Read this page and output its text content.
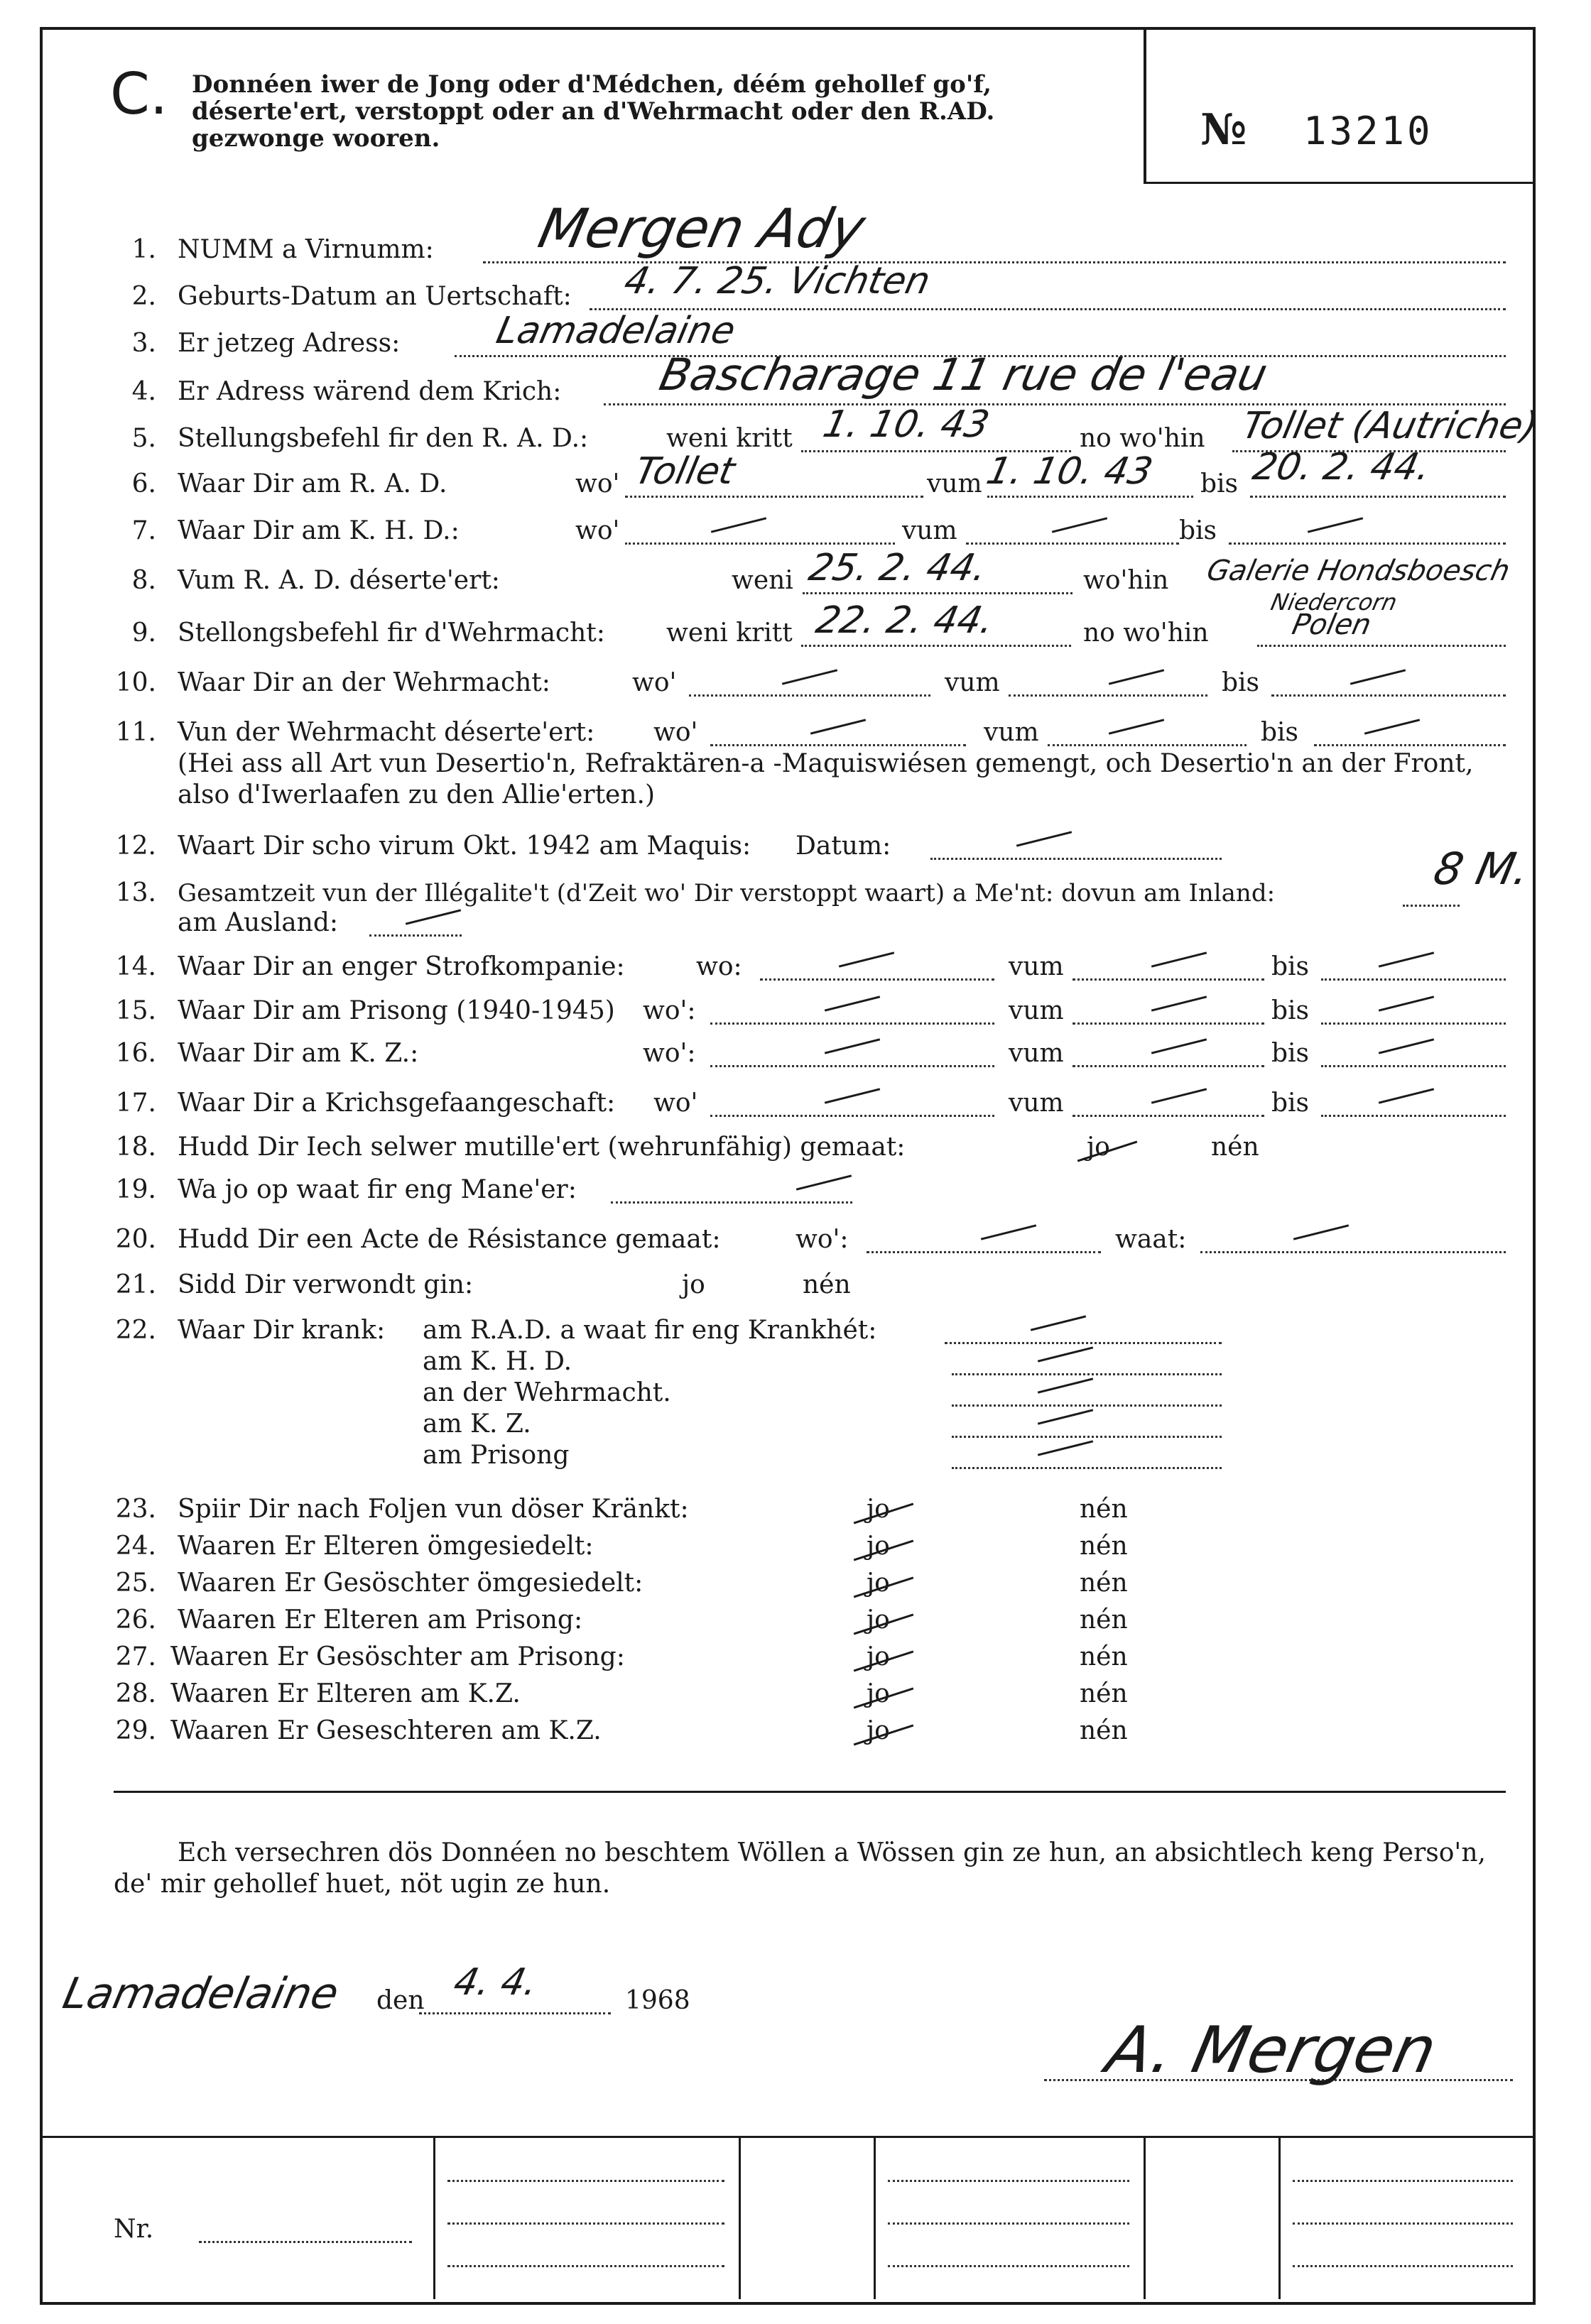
C. Donnéen iwer de Jong oder d'Médchen, déém gehollef go'f, déserte'ert, verstoppt oder an d'Wehrmacht oder den R.AD. gezwonge wooren.	№ 13210
1. NUMM a Virnumm: Mergen Ady
2. Geburts-Datum an Uertschaft: 4. 7. 25. Vichten
3. Er jetzeg Adress:	Lamadelaine
4. Er Adress wärend dem Krich: Bascharage 11 rue de l'eau
5. Stellungsbefehl fir den R. A. D.:	weni kritt 1. 10. 43	no wo'hin Tollet (Autriche)
6. Waar Dir am R. A. D.	wo' Tollet	vum 1. 10. 43 bis 20. 2. 44.
7. Waar Dir am K. H. D.:	wo'	vum	bis
8. Vum R. A. D. déserte'ert:	weni 25. 2. 44.	wo'hin Galerie Hondsboesch
Niedercorn
9. Stellongsbefehl fir d'Wehrmacht: weni kritt 22. 2. 44.	no wo'hin	Polen
10. Waar Dir an der Wehrmacht:	wo'	vum	bis
11. Vun der Wehrmacht déserte'ert: wo'	vum	bis
(Hei ass all Art vun Desertio'n, Refraktären-a -Maquiswiésen gemengt, och Desertio'n an der Front, also d'Iwerlaafen zu den Allie'erten.)
12. Waart Dir scho virum Okt. 1942 am Maquis: Datum:
13. Gesamtzeit vun der Illégalite't (d'Zeit wo' Dir verstoppt waart) a Me'nt: dovun am Inland:	8 M.
am Ausland:
14. Waar Dir an enger Strofkompanie:	wo:	vum	bis
15. Waar Dir am Prisong (1940-1945) wo':	vum	bis
16. Waar Dir am K. Z.:	wo':	vum	bis
17. Waar Dir a Krichsgefaangeschaft: wo'	vum	bis
18. Hudd Dir Iech selwer mutille'ert (wehrunfähig) gemaat:	jo	nén
19. Wa jo op waat fir eng Mane'er:
20. Hudd Dir een Acte de Résistance gemaat:	wo':	waat:
21. Sidd Dir verwondt gin:	jo	nén
22. Waar Dir krank: am R.A.D. a waat fir eng Krankhét:
am K. H. D.
an der Wehrmacht.
am K. Z.
am Prisong
23. Spiir Dir nach Foljen vun döser Kränkt:	jo	nén
24. Waaren Er Elteren ömgesiedelt:	jo	nén
25. Waaren Er Gesöschter ömgesiedelt:	jo	nén
26. Waaren Er Elteren am Prisong:	jo	nén
27. Waaren Er Gesöschter am Prisong:	jo	nén
28. Waaren Er Elteren am K.Z.	jo	nén
29. Waaren Er Geseschteren am K.Z.	jo	nén
Ech versechren dös Donnéen no beschtem Wöllen a Wössen gin ze hun, an absichtlech keng Perso'n, de' mir gehollef huet, nöt ugin ze hun.
Lamadelaine den 4. 4.	1968
A. Mergen
Nr.
